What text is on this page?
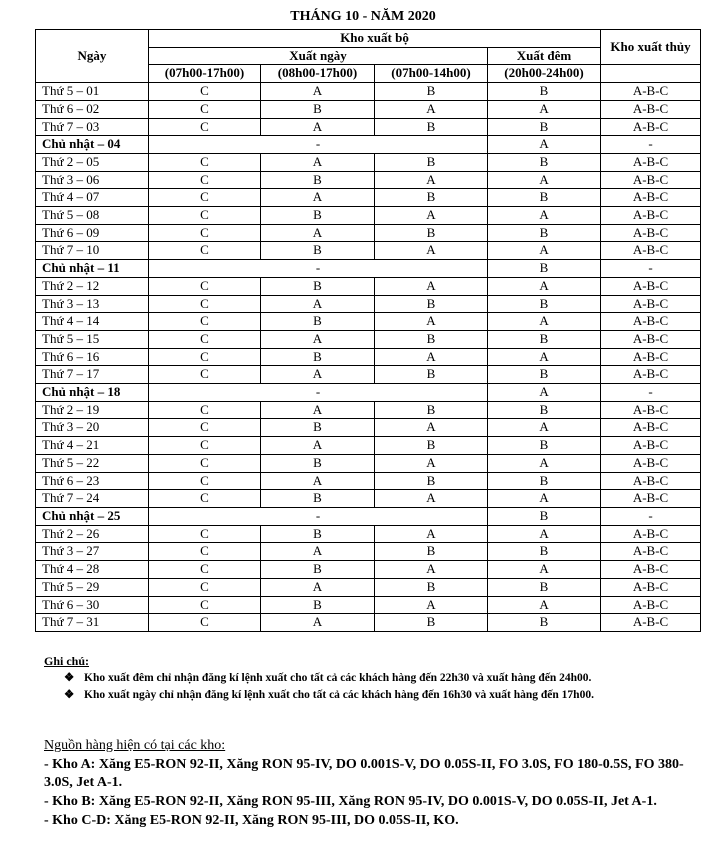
THÁNG 10 - NĂM 2020
Ngày	Kho xuất bộ				Kho xuất thủy
	Xuất ngày			Xuất đêm	
	(07h00-17h00)	(08h00-17h00)	(07h00-14h00)	(20h00-24h00)	
Thứ 5 – 01	C	A	B	B	A-B-C
Thứ 6 – 02	C	B	A	A	A-B-C
Thứ 7 – 03	C	A	B	B	A-B-C
Chủ nhật – 04	-			A	-
Thứ 2 – 05	C	A	B	B	A-B-C
Thứ 3 – 06	C	B	A	A	A-B-C
Thứ 4 – 07	C	A	B	B	A-B-C
Thứ 5 – 08	C	B	A	A	A-B-C
Thứ 6 – 09	C	A	B	B	A-B-C
Thứ 7 – 10	C	B	A	A	A-B-C
Chủ nhật – 11	-			B	-
Thứ 2 – 12	C	B	A	A	A-B-C
Thứ 3 – 13	C	A	B	B	A-B-C
Thứ 4 – 14	C	B	A	A	A-B-C
Thứ 5 – 15	C	A	B	B	A-B-C
Thứ 6 – 16	C	B	A	A	A-B-C
Thứ 7 – 17	C	A	B	B	A-B-C
Chủ nhật – 18	-			A	-
Thứ 2 – 19	C	A	B	B	A-B-C
Thứ 3 – 20	C	B	A	A	A-B-C
Thứ 4 – 21	C	A	B	B	A-B-C
Thứ 5 – 22	C	B	A	A	A-B-C
Thứ 6 – 23	C	A	B	B	A-B-C
Thứ 7 – 24	C	B	A	A	A-B-C
Chủ nhật – 25	-			B	-
Thứ 2 – 26	C	B	A	A	A-B-C
Thứ 3 – 27	C	A	B	B	A-B-C
Thứ 4 – 28	C	B	A	A	A-B-C
Thứ 5 – 29	C	A	B	B	A-B-C
Thứ 6 – 30	C	B	A	A	A-B-C
Thứ 7 – 31	C	A	B	B	A-B-C
Ghi chú:
❖ Kho xuất đêm chỉ nhận đăng kí lệnh xuất cho tất cả các khách hàng đến 22h30 và xuất hàng đến 24h00.
❖ Kho xuất ngày chỉ nhận đăng kí lệnh xuất cho tất cả các khách hàng đến 16h30 và xuất hàng đến 17h00.
Nguồn hàng hiện có tại các kho:
- Kho A: Xăng E5-RON 92-II, Xăng RON 95-IV, DO 0.001S-V, DO 0.05S-II, FO 3.0S, FO 180-0.5S, FO 380-3.0S, Jet A-1.
- Kho B: Xăng E5-RON 92-II, Xăng RON 95-III, Xăng RON 95-IV, DO 0.001S-V, DO 0.05S-II, Jet A-1.
- Kho C-D: Xăng E5-RON 92-II, Xăng RON 95-III, DO 0.05S-II, KO.
